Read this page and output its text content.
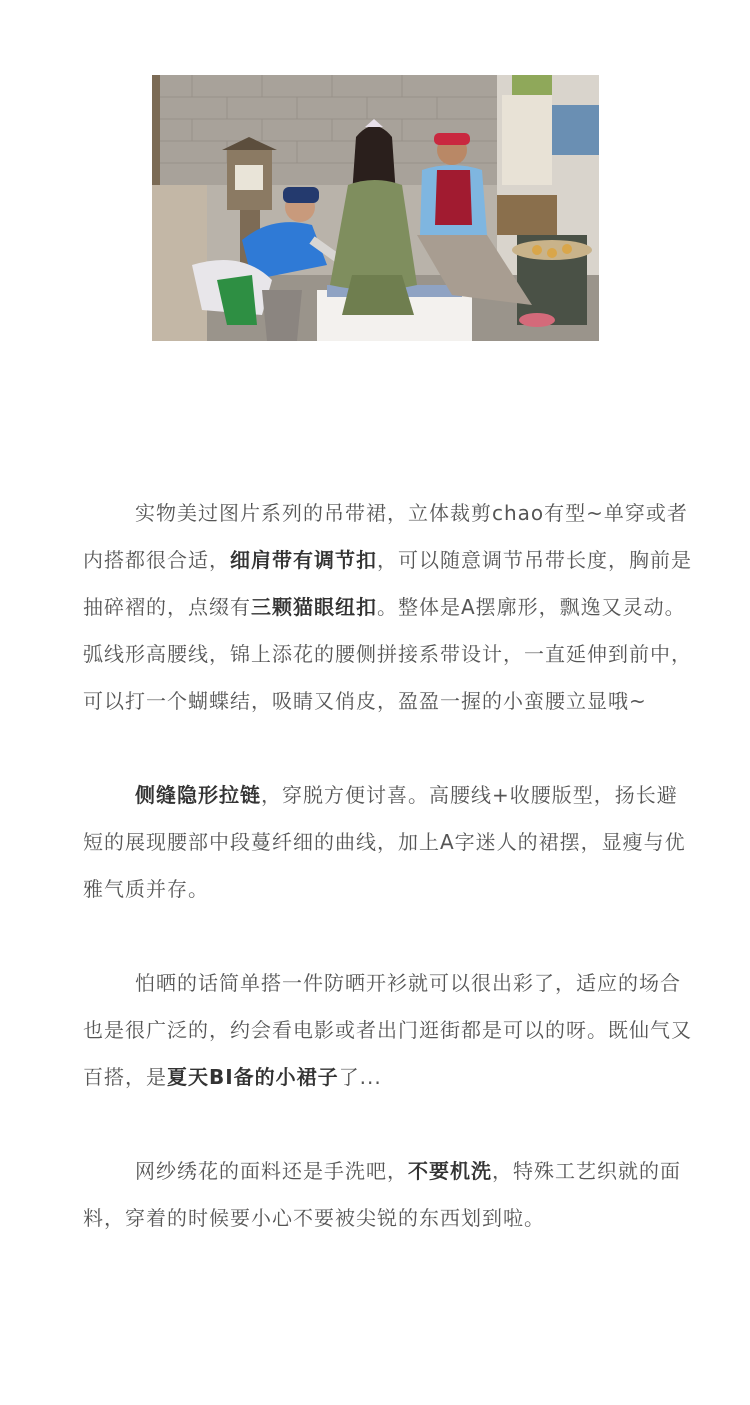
实物美过图片系列的吊带裙，立体裁剪chao有型~单穿或者内搭都很合适，细肩带有调节扣，可以随意调节吊带长度，胸前是抽碎褶的，点缀有三颗猫眼纽扣。整体是A摆廓形，飘逸又灵动。弧线形高腰线，锦上添花的腰侧拼接系带设计，一直延伸到前中，可以打一个蝴蝶结，吸睛又俏皮，盈盈一握的小蛮腰立显哦~

侧缝隐形拉链，穿脱方便讨喜。高腰线+收腰版型，扬长避短的展现腰部中段蔓纤细的曲线，加上A字迷人的裙摆，显瘦与优雅气质并存。

怕晒的话简单搭一件防晒开衫就可以很出彩了，适应的场合也是很广泛的，约会看电影或者出门逛街都是可以的呀。既仙气又百搭，是夏天BI备的小裙子了...

网纱绣花的面料还是手洗吧，不要机洗，特殊工艺织就的面料，穿着的时候要小心不要被尖锐的东西划到啦。
